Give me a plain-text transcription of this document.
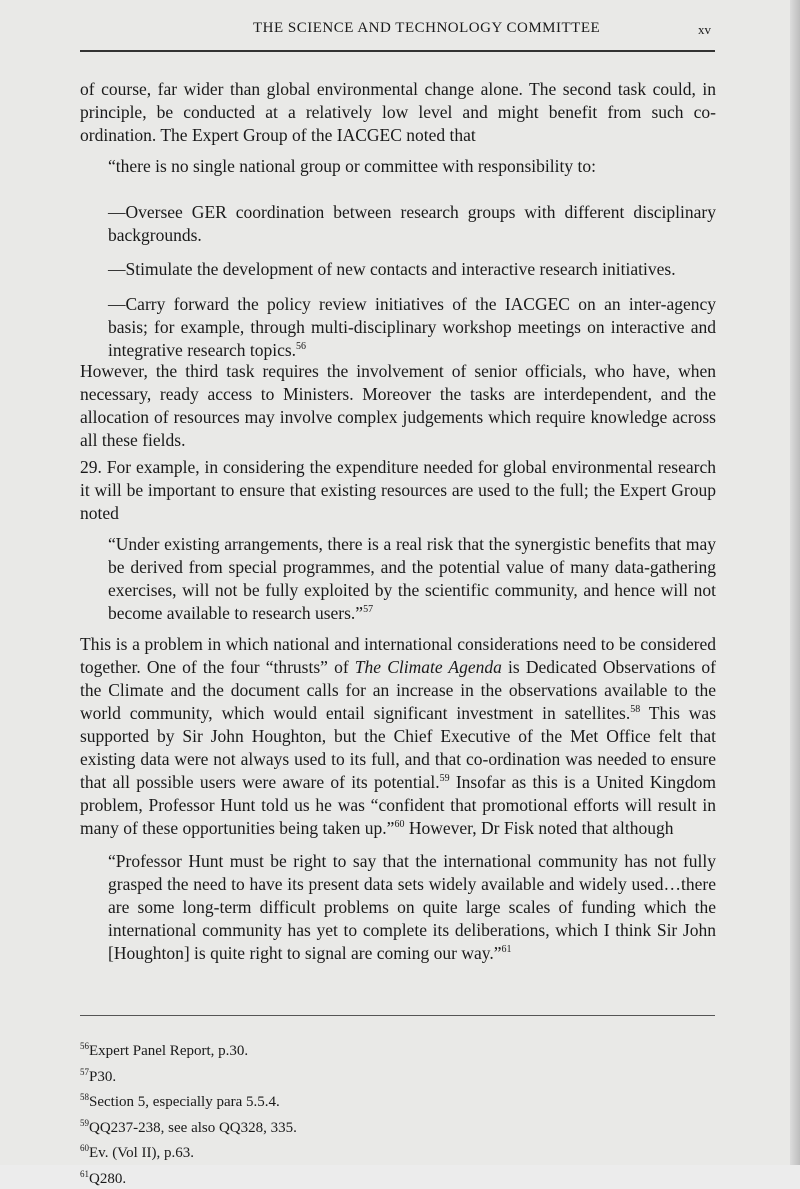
THE SCIENCE AND TECHNOLOGY COMMITTEE	xv
of course, far wider than global environmental change alone. The second task could, in principle, be conducted at a relatively low level and might benefit from such co-ordination. The Expert Group of the IACGEC noted that
“there is no single national group or committee with responsibility to:
—Oversee GER coordination between research groups with different disciplinary backgrounds.
—Stimulate the development of new contacts and interactive research initiatives.
—Carry forward the policy review initiatives of the IACGEC on an inter-agency basis; for example, through multi-disciplinary workshop meetings on interactive and integrative research topics.$^{56}$
However, the third task requires the involvement of senior officials, who have, when necessary, ready access to Ministers. Moreover the tasks are interdependent, and the allocation of resources may involve complex judgements which require knowledge across all these fields.
29. For example, in considering the expenditure needed for global environmental research it will be important to ensure that existing resources are used to the full; the Expert Group noted
“Under existing arrangements, there is a real risk that the synergistic benefits that may be derived from special programmes, and the potential value of many data-gathering exercises, will not be fully exploited by the scientific community, and hence will not become available to research users.”$^{57}$
This is a problem in which national and international considerations need to be considered together. One of the four “thrusts” of The Climate Agenda is Dedicated Observations of the Climate and the document calls for an increase in the observations available to the world community, which would entail significant investment in satellites.$^{58}$ This was supported by Sir John Houghton, but the Chief Executive of the Met Office felt that existing data were not always used to its full, and that co-ordination was needed to ensure that all possible users were aware of its potential.$^{59}$ Insofar as this is a United Kingdom problem, Professor Hunt told us he was “confident that promotional efforts will result in many of these opportunities being taken up.”$^{60}$ However, Dr Fisk noted that although
“Professor Hunt must be right to say that the international community has not fully grasped the need to have its present data sets widely available and widely used…there are some long-term difficult problems on quite large scales of funding which the international community has yet to complete its deliberations, which I think Sir John [Houghton] is quite right to signal are coming our way.”$^{61}$
$^{56}$Expert Panel Report, p.30.
$^{57}$P30.
$^{58}$Section 5, especially para 5.5.4.
$^{59}$QQ237-238, see also QQ328, 335.
$^{60}$Ev. (Vol II), p.63.
$^{61}$Q280.
